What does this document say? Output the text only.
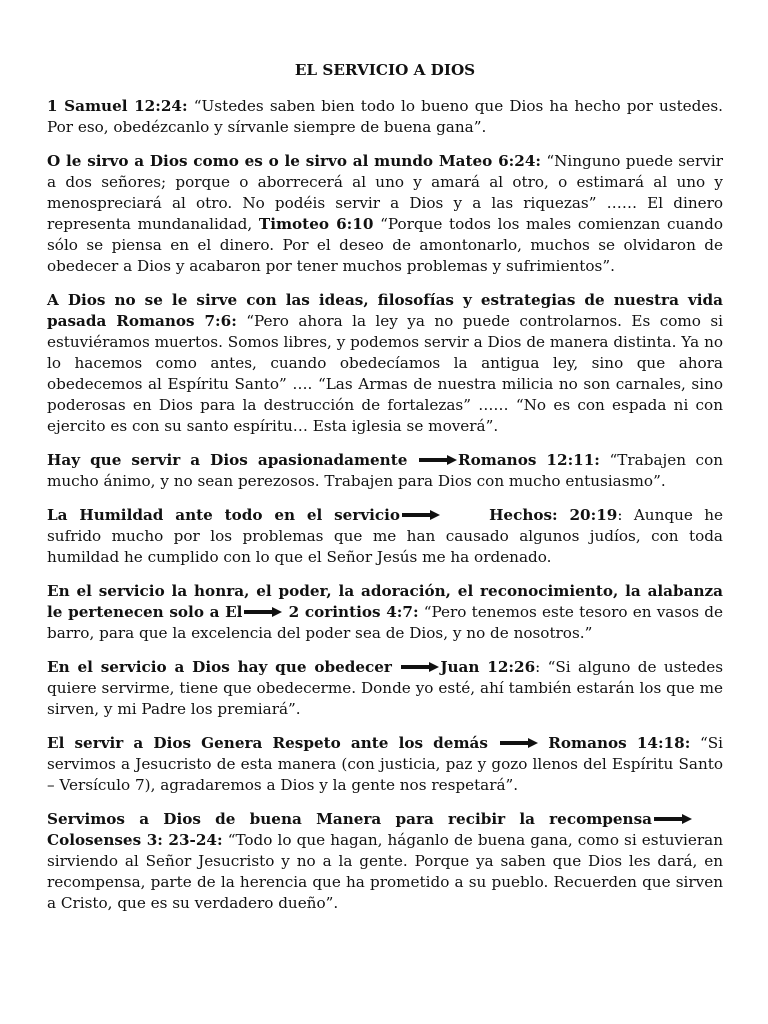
EL SERVICIO A DIOS

1 Samuel 12:24: “Ustedes saben bien todo lo bueno que Dios ha hecho por ustedes. Por eso, obedézcanlo y sírvanle siempre de buena gana”.

O le sirvo a Dios como es o le sirvo al mundo Mateo 6:24: “Ninguno puede servir a dos señores; porque o aborrecerá al uno y amará al otro, o estimará al uno y menospreciará al otro. No podéis servir a Dios y a las riquezas” …… El dinero representa mundanalidad, Timoteo 6:10 “Porque todos los males comienzan cuando sólo se piensa en el dinero. Por el deseo de amontonarlo, muchos se olvidaron de obedecer a Dios y acabaron por tener muchos problemas y sufrimientos”.

A Dios no se le sirve con las ideas, filosofías y estrategias de nuestra vida pasada Romanos 7:6: “Pero ahora la ley ya no puede controlarnos. Es como si estuviéramos muertos. Somos libres, y podemos servir a Dios de manera distinta. Ya no lo hacemos como antes, cuando obedecíamos la antigua ley, sino que ahora obedecemos al Espíritu Santo” …. “Las Armas de nuestra milicia no son carnales, sino poderosas en Dios para la destrucción de fortalezas” …… “No es con espada ni con ejercito es con su santo espíritu… Esta iglesia se moverá”.

Hay que servir a Dios apasionadamente	Romanos 12:11: “Trabajen con mucho ánimo, y no sean perezosos. Trabajen para Dios con mucho entusiasmo”.

La Humildad ante todo en el servicio	Hechos: 20:19: Aunque he sufrido mucho por los problemas que me han causado algunos judíos, con toda humildad he cumplido con lo que el Señor Jesús me ha ordenado.

En el servicio la honra, el poder, la adoración, el reconocimiento, la alabanza le pertenecen solo a El	2 corintios 4:7: “Pero tenemos este tesoro en vasos de barro, para que la excelencia del poder sea de Dios, y no de nosotros.”

En el servicio a Dios hay que obedecer	Juan 12:26: “Si alguno de ustedes quiere servirme, tiene que obedecerme. Donde yo esté, ahí también estarán los que me sirven, y mi Padre los premiará”.

El servir a Dios Genera Respeto ante los demás	Romanos 14:18: “Si servimos a Jesucristo de esta manera (con justicia, paz y gozo llenos del Espíritu Santo – Versículo 7), agradaremos a Dios y la gente nos respetará”.

Servimos a Dios de buena Manera para recibir la recompensa
Colosenses 3: 23-24: “Todo lo que hagan, háganlo de buena gana, como si estuvieran sirviendo al Señor Jesucristo y no a la gente. Porque ya saben que Dios les dará, en recompensa, parte de la herencia que ha prometido a su pueblo. Recuerden que sirven a Cristo, que es su verdadero dueño”.
